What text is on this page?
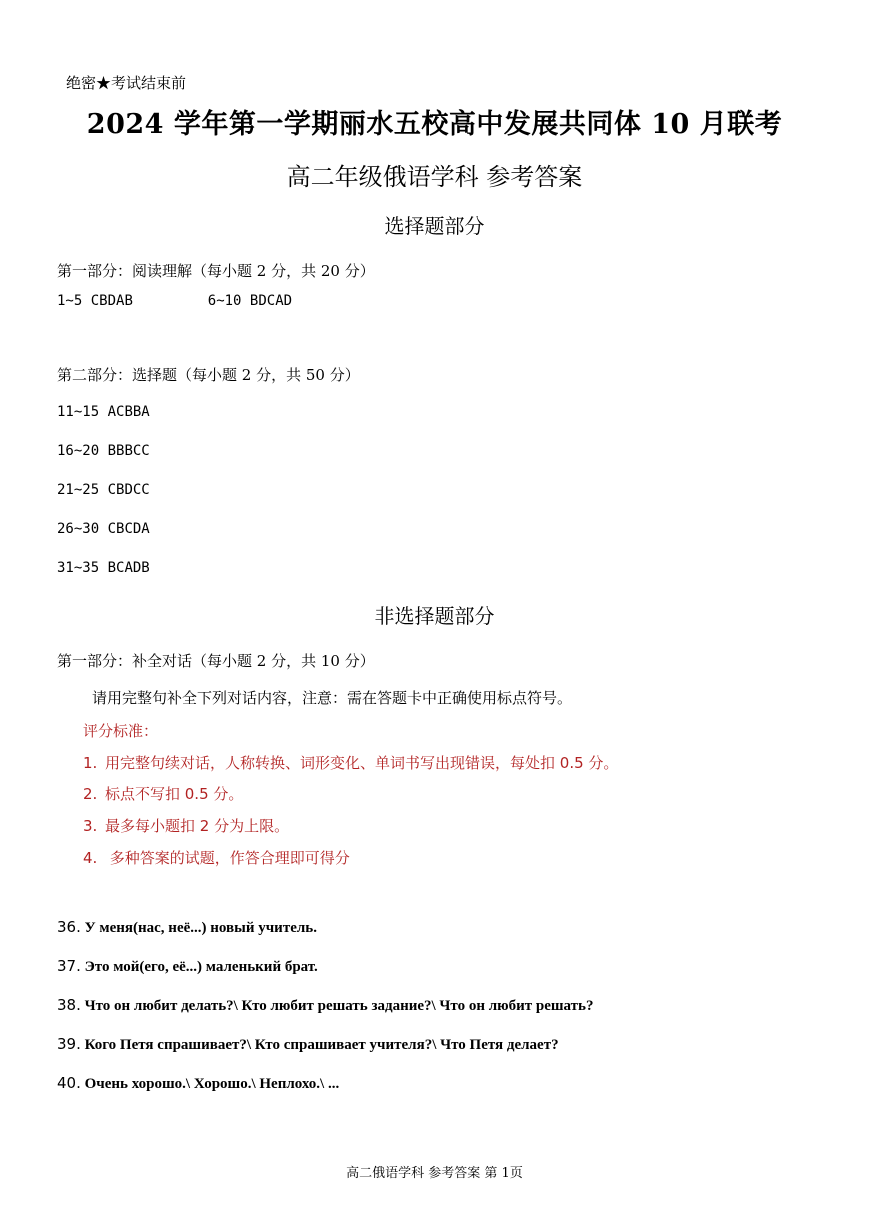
绝密★考试结束前
2024 学年第一学期丽水五校高中发展共同体 10 月联考
高二年级俄语学科 参考答案
选择题部分
第一部分：阅读理解（每小题 2 分，共 20 分）
1~5 CBDAB	6~10 BDCAD
第二部分：选择题（每小题 2 分，共 50 分）
11~15 ACBBA
16~20 BBBCC
21~25 CBDCC
26~30 CBCDA
31~35 BCADB
非选择题部分
第一部分：补全对话（每小题 2 分，共 10 分）
请用完整句补全下列对话内容，注意：需在答题卡中正确使用标点符号。
评分标准：
1. 用完整句续对话，人称转换、词形变化、单词书写出现错误，每处扣 0.5 分。
2. 标点不写扣 0.5 分。
3. 最多每小题扣 2 分为上限。
4. 多种答案的试题，作答合理即可得分
36. У меня(нас, неё...) новый учитель.
37. Это мой(его, её...) маленький брат.
38. Что он любит делать?\ Кто любит решать задание?\ Что он любит решать?
39. Кого Петя спрашивает?\ Кто спрашивает учителя?\ Что Петя делает?
40. Очень хорошо.\ Хорошо.\ Неплохо.\ ...
高二俄语学科 参考答案 第 1页
